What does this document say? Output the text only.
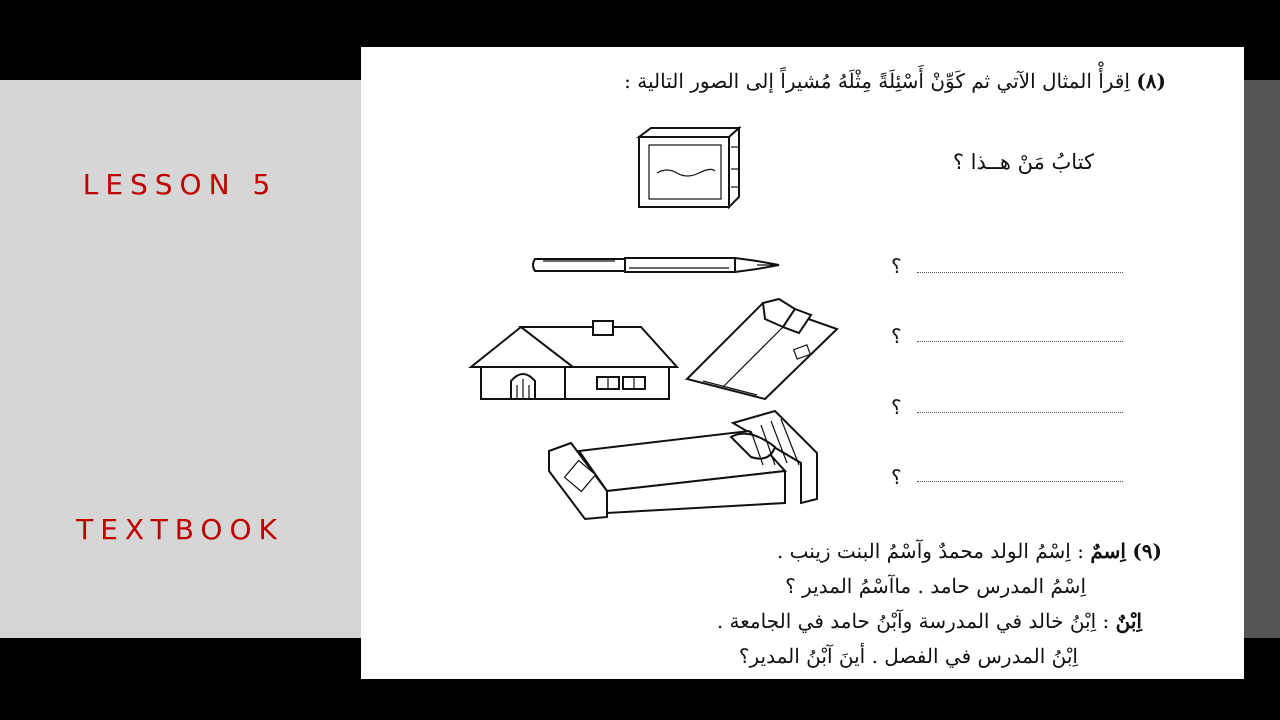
LESSON 5
TEXTBOOK
(٨) اِقرأْ المثال الآتي ثم كَوِّنْ أَسْئِلَةً مِثْلَهُ مُشيراً إلى الصور التالية :
كتابُ مَنْ هــذا ؟
؟
؟
؟
؟
(٩) اِسمٌ : اِسْمُ الولد محمدٌ وآسْمُ البنت زينب .
اِسْمُ المدرس حامد . ماآسْمُ المدير ؟
اِبْنٌ : اِبْنُ خالد في المدرسة وآبْنُ حامد في الجامعة .
اِبْنُ المدرس في الفصل . أينَ آبْنُ المدير؟
